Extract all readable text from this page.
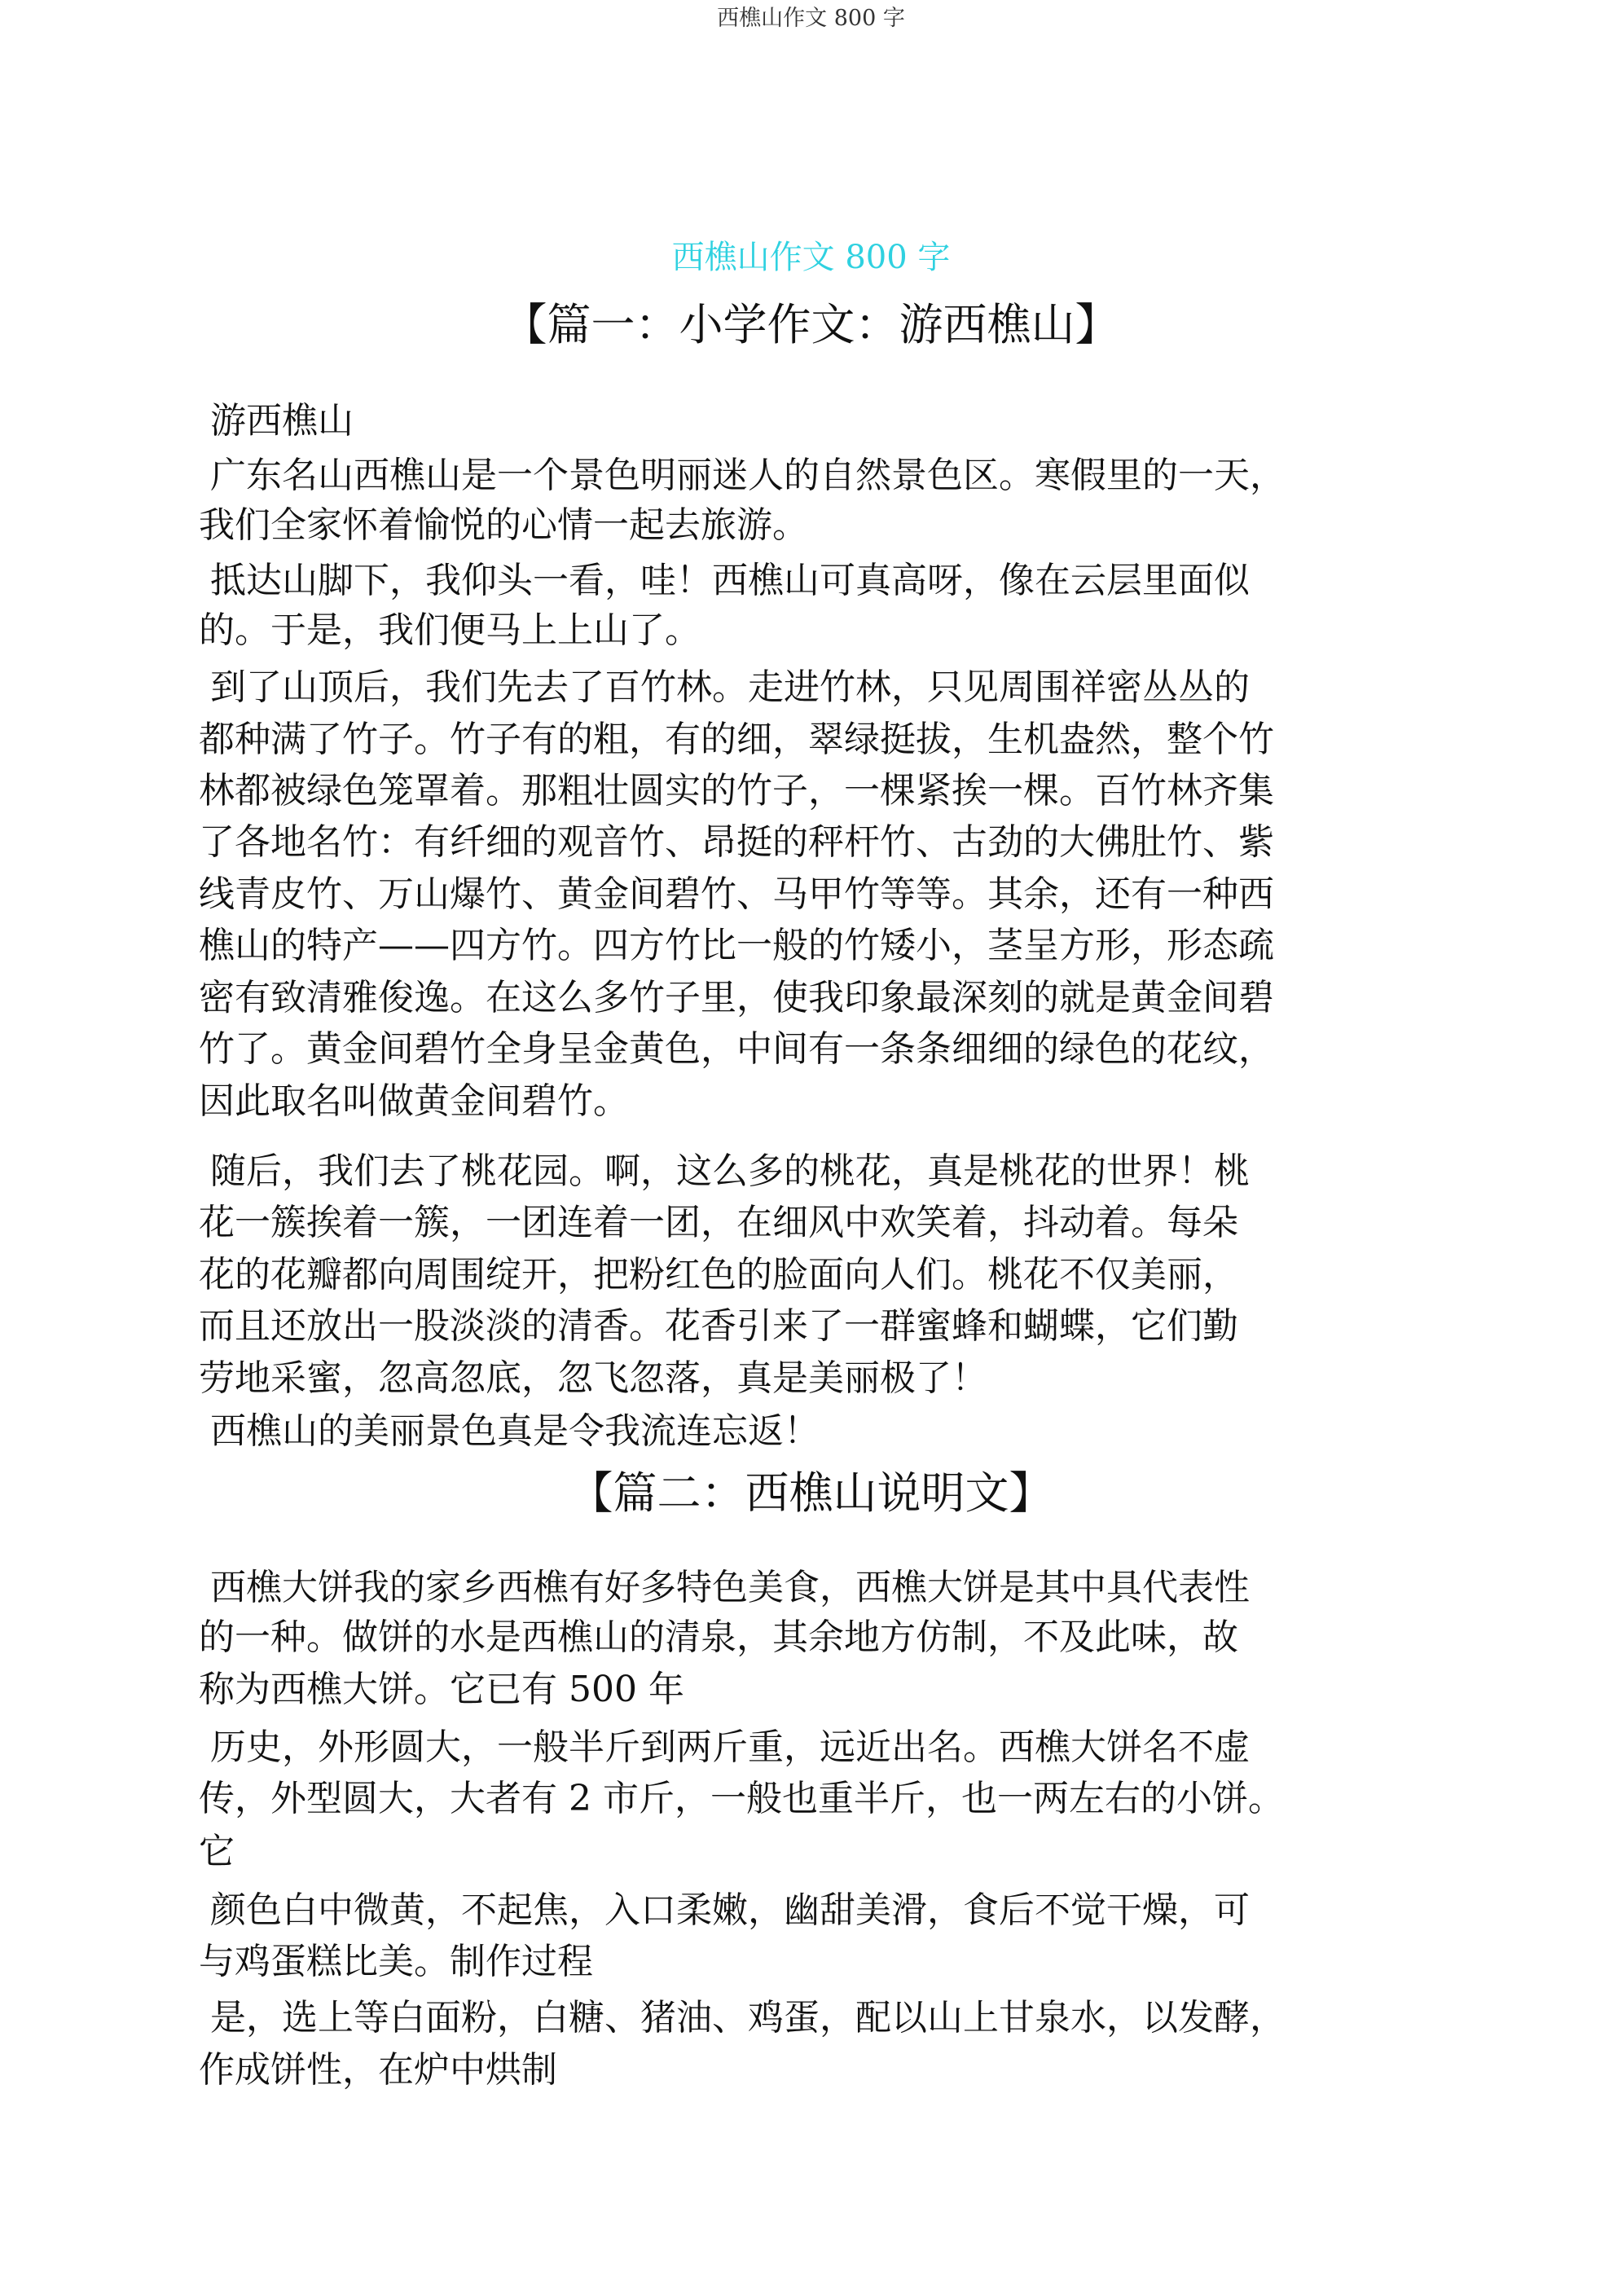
西樵山作文 800 字
西樵山作文 800 字
【篇一：小学作文：游西樵山】
游西樵山
广东名山西樵山是一个景色明丽迷人的自然景色区。寒假里的一天，
我们全家怀着愉悦的心情一起去旅游。
抵达山脚下，我仰头一看，哇！西樵山可真高呀，像在云层里面似
的。于是，我们便马上上山了。
到了山顶后，我们先去了百竹林。走进竹林，只见周围祥密丛丛的
都种满了竹子。竹子有的粗，有的细，翠绿挺拔，生机盎然，整个竹
林都被绿色笼罩着。那粗壮圆实的竹子，一棵紧挨一棵。百竹林齐集
了各地名竹：有纤细的观音竹、昂挺的秤杆竹、古劲的大佛肚竹、紫
线青皮竹、万山爆竹、黄金间碧竹、马甲竹等等。其余，还有一种西
樵山的特产——四方竹。四方竹比一般的竹矮小，茎呈方形，形态疏
密有致清雅俊逸。在这么多竹子里，使我印象最深刻的就是黄金间碧
竹了。黄金间碧竹全身呈金黄色，中间有一条条细细的绿色的花纹，
因此取名叫做黄金间碧竹。
随后，我们去了桃花园。啊，这么多的桃花，真是桃花的世界！桃
花一簇挨着一簇，一团连着一团，在细风中欢笑着，抖动着。每朵
花的花瓣都向周围绽开，把粉红色的脸面向人们。桃花不仅美丽，
而且还放出一股淡淡的清香。花香引来了一群蜜蜂和蝴蝶，它们勤
劳地采蜜，忽高忽底，忽飞忽落，真是美丽极了！
西樵山的美丽景色真是令我流连忘返！
【篇二：西樵山说明文】
西樵大饼我的家乡西樵有好多特色美食，西樵大饼是其中具代表性
的一种。做饼的水是西樵山的清泉，其余地方仿制，不及此味，故
称为西樵大饼。它已有 500 年
历史，外形圆大，一般半斤到两斤重，远近出名。西樵大饼名不虚
传，外型圆大，大者有 2 市斤，一般也重半斤，也一两左右的小饼。
它
颜色白中微黄，不起焦，入口柔嫩，幽甜美滑，食后不觉干燥，可
与鸡蛋糕比美。制作过程
是，选上等白面粉，白糖、猪油、鸡蛋，配以山上甘泉水，以发酵，
作成饼性，在炉中烘制
